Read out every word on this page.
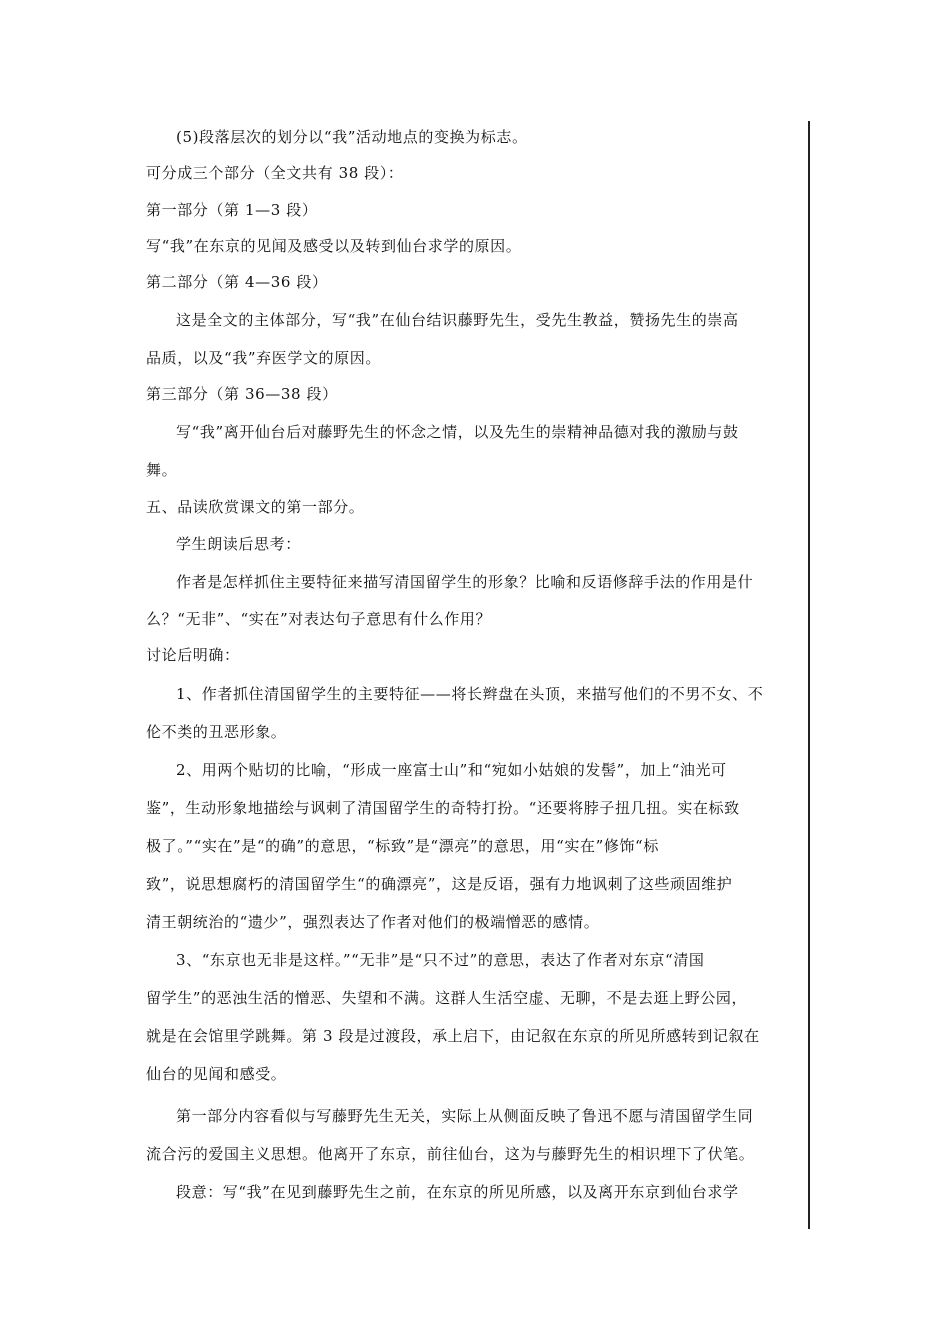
(5)段落层次的划分以“我”活动地点的变换为标志。
可分成三个部分（全文共有 38 段）：
第一部分（第 1—3 段）
写“我”在东京的见闻及感受以及转到仙台求学的原因。
第二部分（第 4—36 段）
这是全文的主体部分，写“我”在仙台结识藤野先生，受先生教益，赞扬先生的崇高
品质，以及“我”弃医学文的原因。
第三部分（第 36—38 段）
写“我”离开仙台后对藤野先生的怀念之情，以及先生的崇精神品德对我的激励与鼓
舞。
五、品读欣赏课文的第一部分。
学生朗读后思考：
作者是怎样抓住主要特征来描写清国留学生的形象？比喻和反语修辞手法的作用是什
么？“无非”、“实在”对表达句子意思有什么作用？
讨论后明确：
1、作者抓住清国留学生的主要特征——将长辫盘在头顶，来描写他们的不男不女、不
伦不类的丑恶形象。
2、用两个贴切的比喻，“形成一座富士山”和“宛如小姑娘的发髻”，加上“油光可
鉴”，生动形象地描绘与讽刺了清国留学生的奇特打扮。“还要将脖子扭几扭。实在标致
极了。”“实在”是“的确”的意思，“标致”是“漂亮”的意思，用“实在”修饰“标
致”，说思想腐朽的清国留学生“的确漂亮”，这是反语，强有力地讽刺了这些顽固维护
清王朝统治的“遗少”，强烈表达了作者对他们的极端憎恶的感情。
3、“东京也无非是这样。”“无非”是“只不过”的意思，表达了作者对东京“清国
留学生”的恶浊生活的憎恶、失望和不满。这群人生活空虚、无聊，不是去逛上野公园，
就是在会馆里学跳舞。第 3 段是过渡段，承上启下，由记叙在东京的所见所感转到记叙在
仙台的见闻和感受。
第一部分内容看似与写藤野先生无关，实际上从侧面反映了鲁迅不愿与清国留学生同
流合污的爱国主义思想。他离开了东京，前往仙台，这为与藤野先生的相识埋下了伏笔。
段意：写“我”在见到藤野先生之前，在东京的所见所感，以及离开东京到仙台求学
